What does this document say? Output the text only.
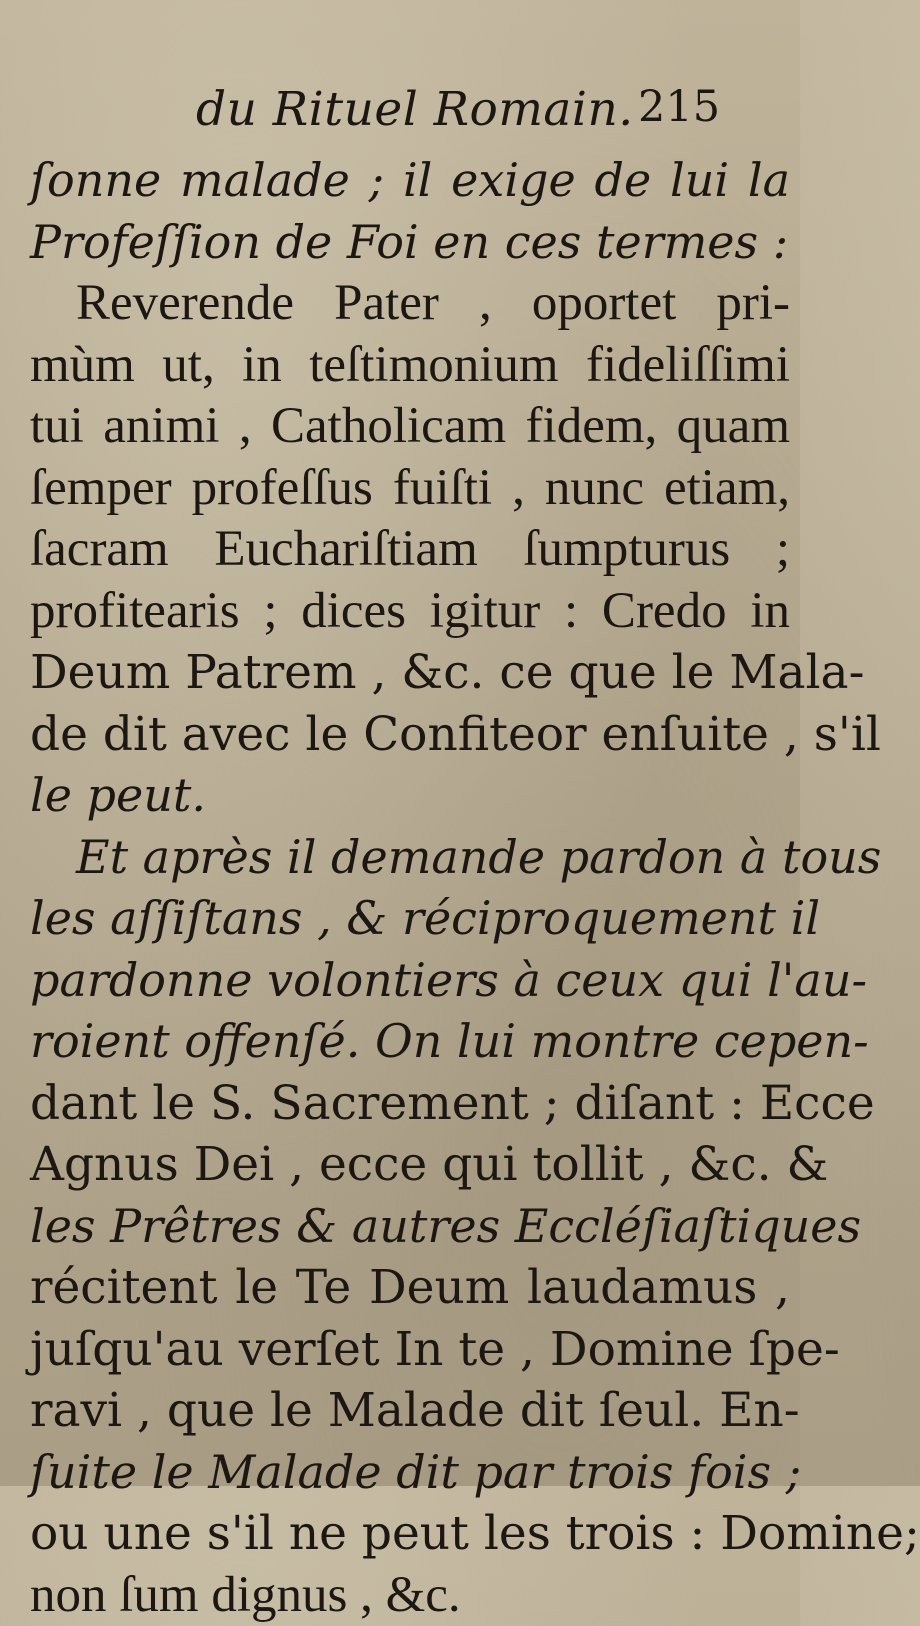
du Rituel Romain. 215
ſonne malade ; il exige de lui la
Profeſſion de Foi en ces termes :
Reverende Pater , oportet pri-
mùm ut, in teſtimonium fideliſſimi
tui animi , Catholicam fidem, quam
ſemper profeſſus fuiſti , nunc etiam,
ſacram Euchariſtiam ſumpturus ;
profitearis ; dices igitur : Credo in
Deum Patrem , &c. ce que le Mala-
de dit avec le Confiteor enſuite , s'il
le peut.
Et après il demande pardon à tous
les aſſiſtans , & réciproquement il
pardonne volontiers à ceux qui l'au-
roient offenſé. On lui montre cepen-
dant le S. Sacrement ; diſant : Ecce
Agnus Dei , ecce qui tollit , &c. &
les Prêtres & autres Eccléſiaſtiques
récitent le Te Deum laudamus ,
juſqu'au verſet In te , Domine ſpe-
ravi , que le Malade dit ſeul. En-
ſuite le Malade dit par trois fois ;
ou une s'il ne peut les trois : Domine;
non ſum dignus , &c.
